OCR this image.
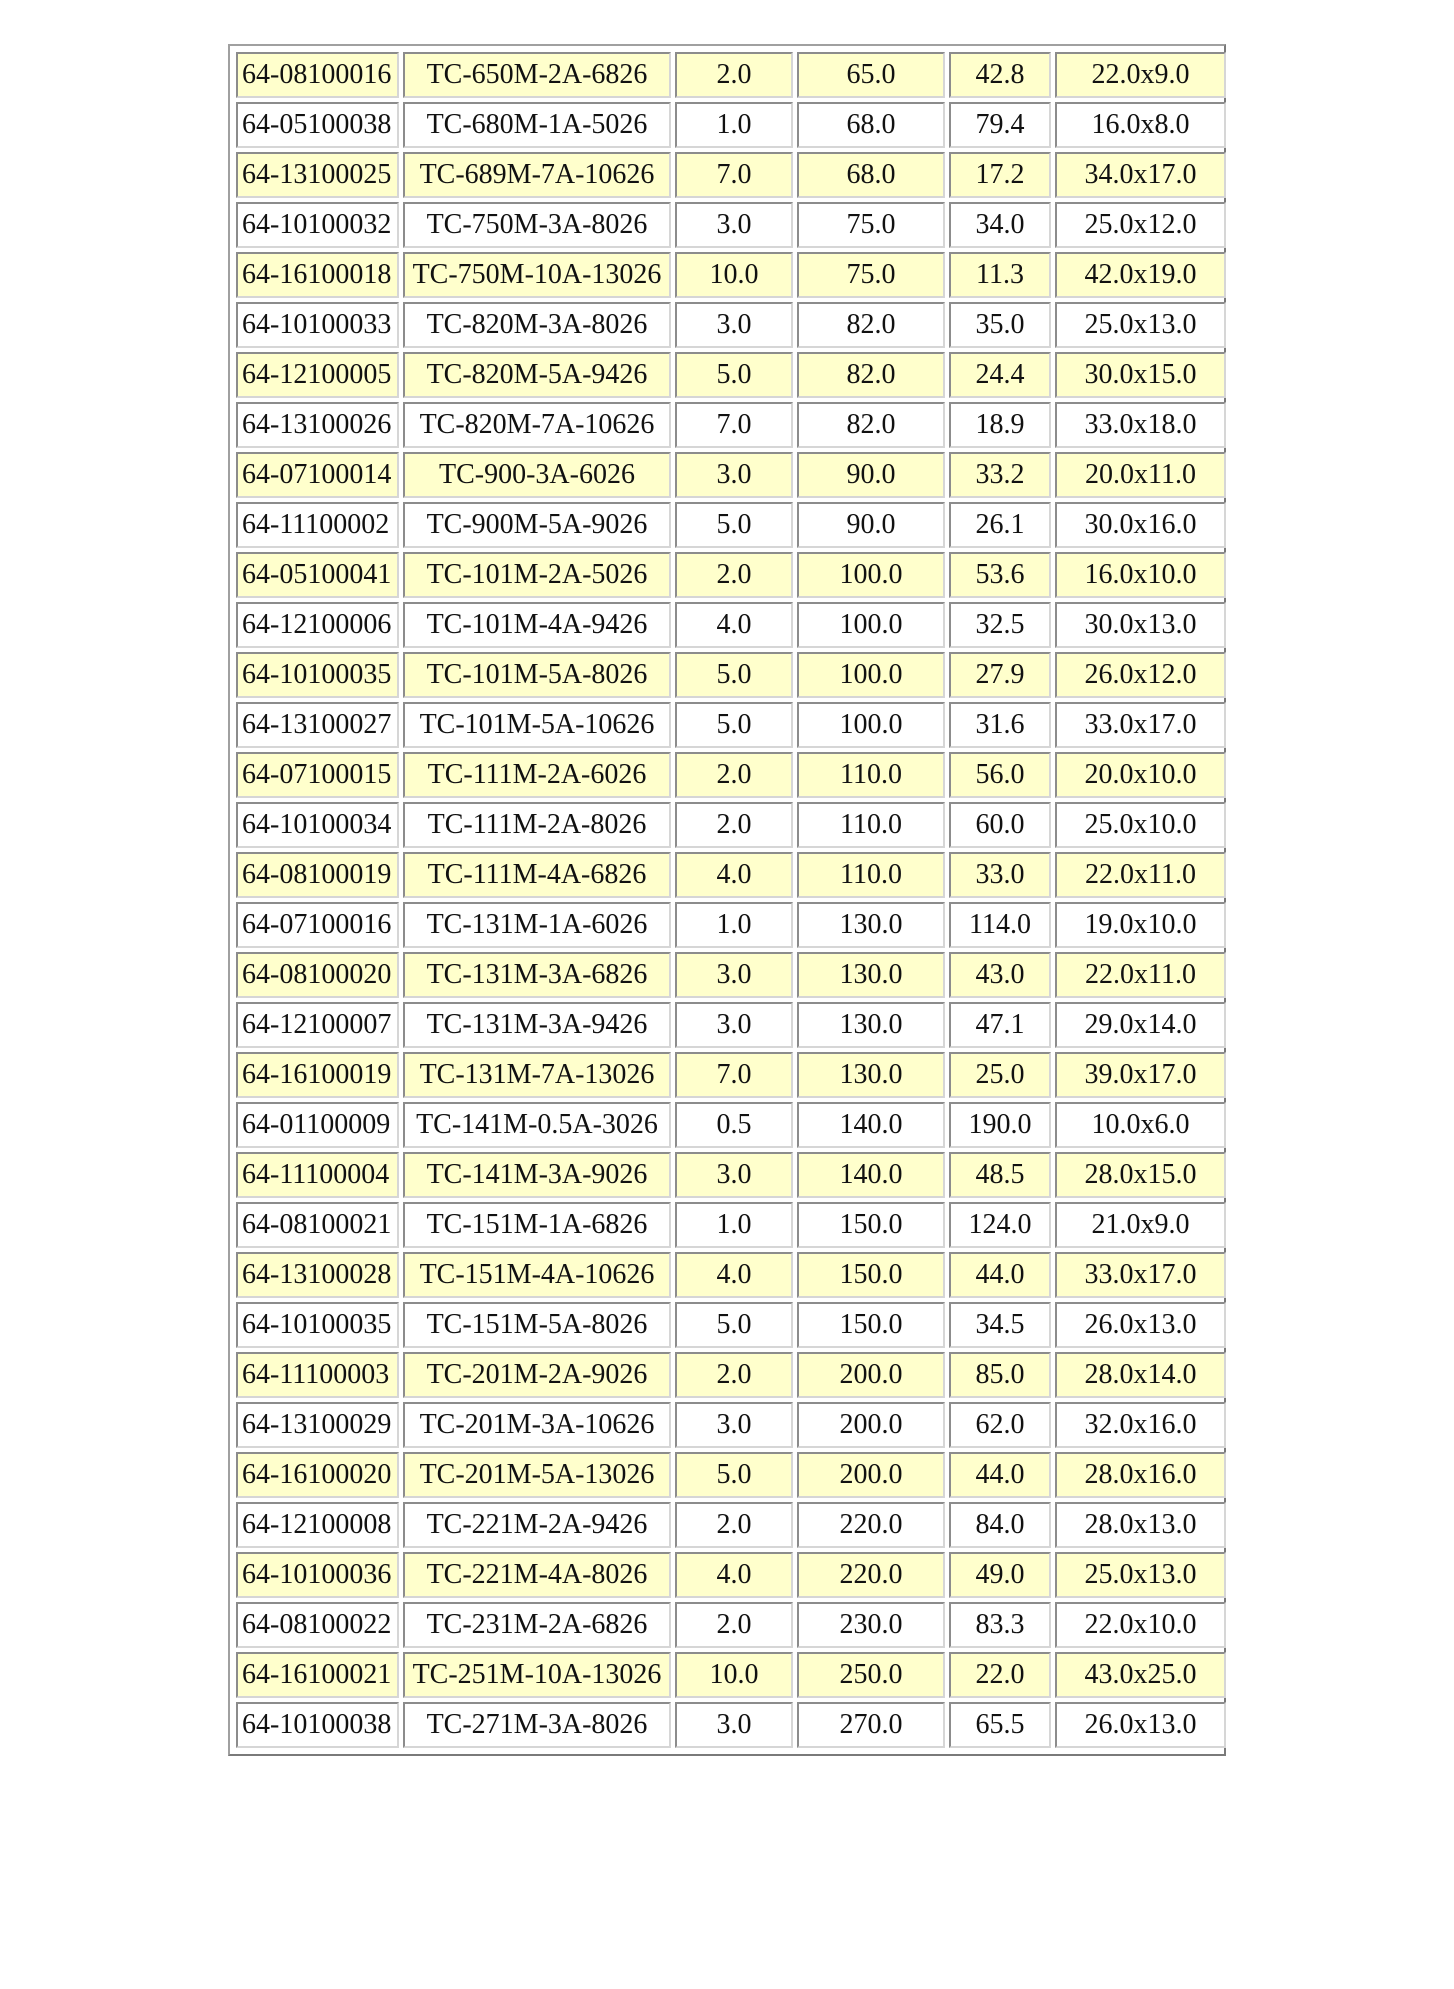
64-08100016	TC-650M-2A-6826	2.0	65.0	42.8	22.0x9.0
64-05100038	TC-680M-1A-5026	1.0	68.0	79.4	16.0x8.0
64-13100025	TC-689M-7A-10626	7.0	68.0	17.2	34.0x17.0
64-10100032	TC-750M-3A-8026	3.0	75.0	34.0	25.0x12.0
64-16100018	TC-750M-10A-13026	10.0	75.0	11.3	42.0x19.0
64-10100033	TC-820M-3A-8026	3.0	82.0	35.0	25.0x13.0
64-12100005	TC-820M-5A-9426	5.0	82.0	24.4	30.0x15.0
64-13100026	TC-820M-7A-10626	7.0	82.0	18.9	33.0x18.0
64-07100014	TC-900-3A-6026	3.0	90.0	33.2	20.0x11.0
64-11100002	TC-900M-5A-9026	5.0	90.0	26.1	30.0x16.0
64-05100041	TC-101M-2A-5026	2.0	100.0	53.6	16.0x10.0
64-12100006	TC-101M-4A-9426	4.0	100.0	32.5	30.0x13.0
64-10100035	TC-101M-5A-8026	5.0	100.0	27.9	26.0x12.0
64-13100027	TC-101M-5A-10626	5.0	100.0	31.6	33.0x17.0
64-07100015	TC-111M-2A-6026	2.0	110.0	56.0	20.0x10.0
64-10100034	TC-111M-2A-8026	2.0	110.0	60.0	25.0x10.0
64-08100019	TC-111M-4A-6826	4.0	110.0	33.0	22.0x11.0
64-07100016	TC-131M-1A-6026	1.0	130.0	114.0	19.0x10.0
64-08100020	TC-131M-3A-6826	3.0	130.0	43.0	22.0x11.0
64-12100007	TC-131M-3A-9426	3.0	130.0	47.1	29.0x14.0
64-16100019	TC-131M-7A-13026	7.0	130.0	25.0	39.0x17.0
64-01100009	TC-141M-0.5A-3026	0.5	140.0	190.0	10.0x6.0
64-11100004	TC-141M-3A-9026	3.0	140.0	48.5	28.0x15.0
64-08100021	TC-151M-1A-6826	1.0	150.0	124.0	21.0x9.0
64-13100028	TC-151M-4A-10626	4.0	150.0	44.0	33.0x17.0
64-10100035	TC-151M-5A-8026	5.0	150.0	34.5	26.0x13.0
64-11100003	TC-201M-2A-9026	2.0	200.0	85.0	28.0x14.0
64-13100029	TC-201M-3A-10626	3.0	200.0	62.0	32.0x16.0
64-16100020	TC-201M-5A-13026	5.0	200.0	44.0	28.0x16.0
64-12100008	TC-221M-2A-9426	2.0	220.0	84.0	28.0x13.0
64-10100036	TC-221M-4A-8026	4.0	220.0	49.0	25.0x13.0
64-08100022	TC-231M-2A-6826	2.0	230.0	83.3	22.0x10.0
64-16100021	TC-251M-10A-13026	10.0	250.0	22.0	43.0x25.0
64-10100038	TC-271M-3A-8026	3.0	270.0	65.5	26.0x13.0
